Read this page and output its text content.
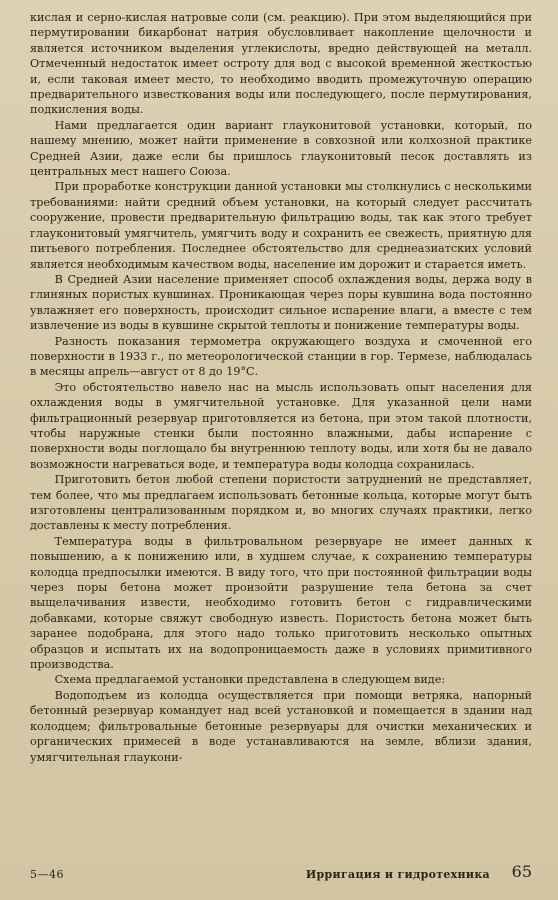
кислая и серно-кислая натровые соли (см. реакцию). При этом выделяющийся при пермутировании бикарбонат натрия обусловливает накопление щелочности и является источником выделения углекислоты, вредно действующей на металл. Отмеченный недостаток имеет остроту для вод с высокой временной жесткостью и, если таковая имеет место, то необходимо вводить промежуточную операцию предварительного известкования воды или последующего, после пермутирования, подкисления воды.

Нами предлагается один вариант глауконитовой установки, который, по нашему мнению, может найти применение в совхозной или колхозной практике Средней Азии, даже если бы пришлось глауконитовый песок доставлять из центральных мест нашего Союза.

При проработке конструкции данной установки мы столкнулись с несколькими требованиями: найти средний объем установки, на который следует рассчитать сооружение, провести предварительную фильтрацию воды, так как этого требует глауконитовый умягчитель, умягчить воду и сохранить ее свежесть, приятную для питьевого потребления. Последнее обстоятельство для среднеазиатских условий является необходимым качеством воды, население им дорожит и старается иметь.

В Средней Азии население применяет способ охлаждения воды, держа воду в глиняных пористых кувшинах. Проникающая через поры кувшина вода постоянно увлажняет его поверхность, происходит сильное испарение влаги, а вместе с тем извлечение из воды в кувшине скрытой теплоты и понижение температуры воды.

Разность показания термометра окружающего воздуха и смоченной его поверхности в 1933 г., по метеорологической станции в гор. Термезе, наблюдалась в месяцы апрель—август от 8 до 19°С.

Это обстоятельство навело нас на мысль использовать опыт населения для охлаждения воды в умягчительной установке. Для указанной цели нами фильтрационный резервуар приготовляется из бетона, при этом такой плотности, чтобы наружные стенки были постоянно влажными, дабы испарение с поверхности воды поглощало бы внутреннюю теплоту воды, или хотя бы не давало возможности нагреваться воде, и температура воды колодца сохранилась.

Приготовить бетон любой степени пористости затруднений не представляет, тем более, что мы предлагаем использовать бетонные кольца, которые могут быть изготовлены централизованным порядком и, во многих случаях практики, легко доставлены к месту потребления.

Температура воды в фильтровальном резервуаре не имеет данных к повышению, а к понижению или, в худшем случае, к сохранению температуры колодца предпосылки имеются. В виду того, что при постоянной фильтрации воды через поры бетона может произойти разрушение тела бетона за счет выщелачивания извести, необходимо готовить бетон с гидравлическими добавками, которые свяжут свободную известь. Пористость бетона может быть заранее подобрана, для этого надо только приготовить несколько опытных образцов и испытать их на водопроницаемость даже в условиях примитивного производства.

Схема предлагаемой установки представлена в следующем виде:

Водоподъем из колодца осуществляется при помощи ветряка, напорный бетонный резервуар командует над всей установкой и помещается в здании над колодцем; фильтровальные бетонные резервуары для очистки механических и органических примесей в воде устанавливаются на земле, вблизи здания, умягчительная глаукони-

5—46	Ирригация и гидротехника 65
